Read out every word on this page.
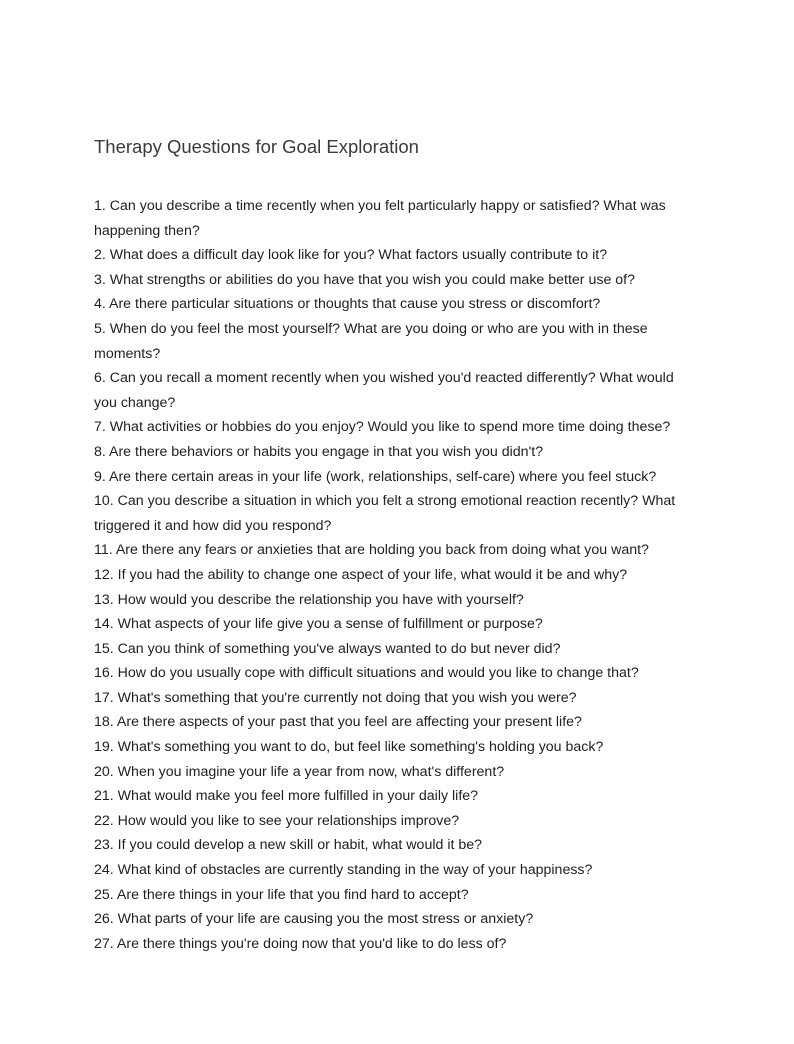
Therapy Questions for Goal Exploration
1. Can you describe a time recently when you felt particularly happy or satisfied? What was happening then?
2. What does a difficult day look like for you? What factors usually contribute to it?
3. What strengths or abilities do you have that you wish you could make better use of?
4. Are there particular situations or thoughts that cause you stress or discomfort?
5. When do you feel the most yourself? What are you doing or who are you with in these moments?
6. Can you recall a moment recently when you wished you'd reacted differently? What would you change?
7. What activities or hobbies do you enjoy? Would you like to spend more time doing these?
8. Are there behaviors or habits you engage in that you wish you didn't?
9. Are there certain areas in your life (work, relationships, self-care) where you feel stuck?
10. Can you describe a situation in which you felt a strong emotional reaction recently? What triggered it and how did you respond?
11. Are there any fears or anxieties that are holding you back from doing what you want?
12. If you had the ability to change one aspect of your life, what would it be and why?
13. How would you describe the relationship you have with yourself?
14. What aspects of your life give you a sense of fulfillment or purpose?
15. Can you think of something you've always wanted to do but never did?
16. How do you usually cope with difficult situations and would you like to change that?
17. What's something that you're currently not doing that you wish you were?
18. Are there aspects of your past that you feel are affecting your present life?
19. What's something you want to do, but feel like something's holding you back?
20. When you imagine your life a year from now, what's different?
21. What would make you feel more fulfilled in your daily life?
22. How would you like to see your relationships improve?
23. If you could develop a new skill or habit, what would it be?
24. What kind of obstacles are currently standing in the way of your happiness?
25. Are there things in your life that you find hard to accept?
26. What parts of your life are causing you the most stress or anxiety?
27. Are there things you're doing now that you'd like to do less of?
